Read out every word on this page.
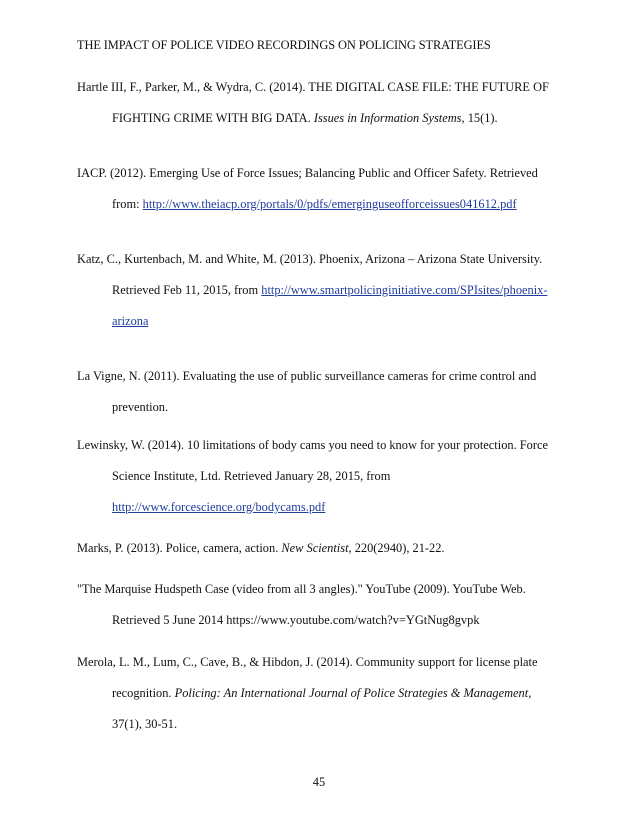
THE IMPACT OF POLICE VIDEO RECORDINGS ON POLICING STRATEGIES
Hartle III, F., Parker, M., & Wydra, C. (2014). THE DIGITAL CASE FILE: THE FUTURE OF
FIGHTING CRIME WITH BIG DATA. Issues in Information Systems, 15(1).
IACP. (2012). Emerging Use of Force Issues; Balancing Public and Officer Safety. Retrieved
from: http://www.theiacp.org/portals/0/pdfs/emerginguseofforceissues041612.pdf
Katz, C., Kurtenbach, M. and White, M. (2013). Phoenix, Arizona – Arizona State University.
Retrieved Feb 11, 2015, from http://www.smartpolicinginitiative.com/SPIsites/phoenix-
arizona
La Vigne, N. (2011). Evaluating the use of public surveillance cameras for crime control and
prevention.
Lewinsky, W. (2014). 10 limitations of body cams you need to know for your protection. Force
Science Institute, Ltd. Retrieved January 28, 2015, from
http://www.forcescience.org/bodycams.pdf
Marks, P. (2013). Police, camera, action. New Scientist, 220(2940), 21-22.
"The Marquise Hudspeth Case (video from all 3 angles)." YouTube (2009). YouTube Web.
Retrieved 5 June 2014 https://www.youtube.com/watch?v=YGtNug8gvpk
Merola, L. M., Lum, C., Cave, B., & Hibdon, J. (2014). Community support for license plate
recognition. Policing: An International Journal of Police Strategies & Management,
37(1), 30-51.
45
